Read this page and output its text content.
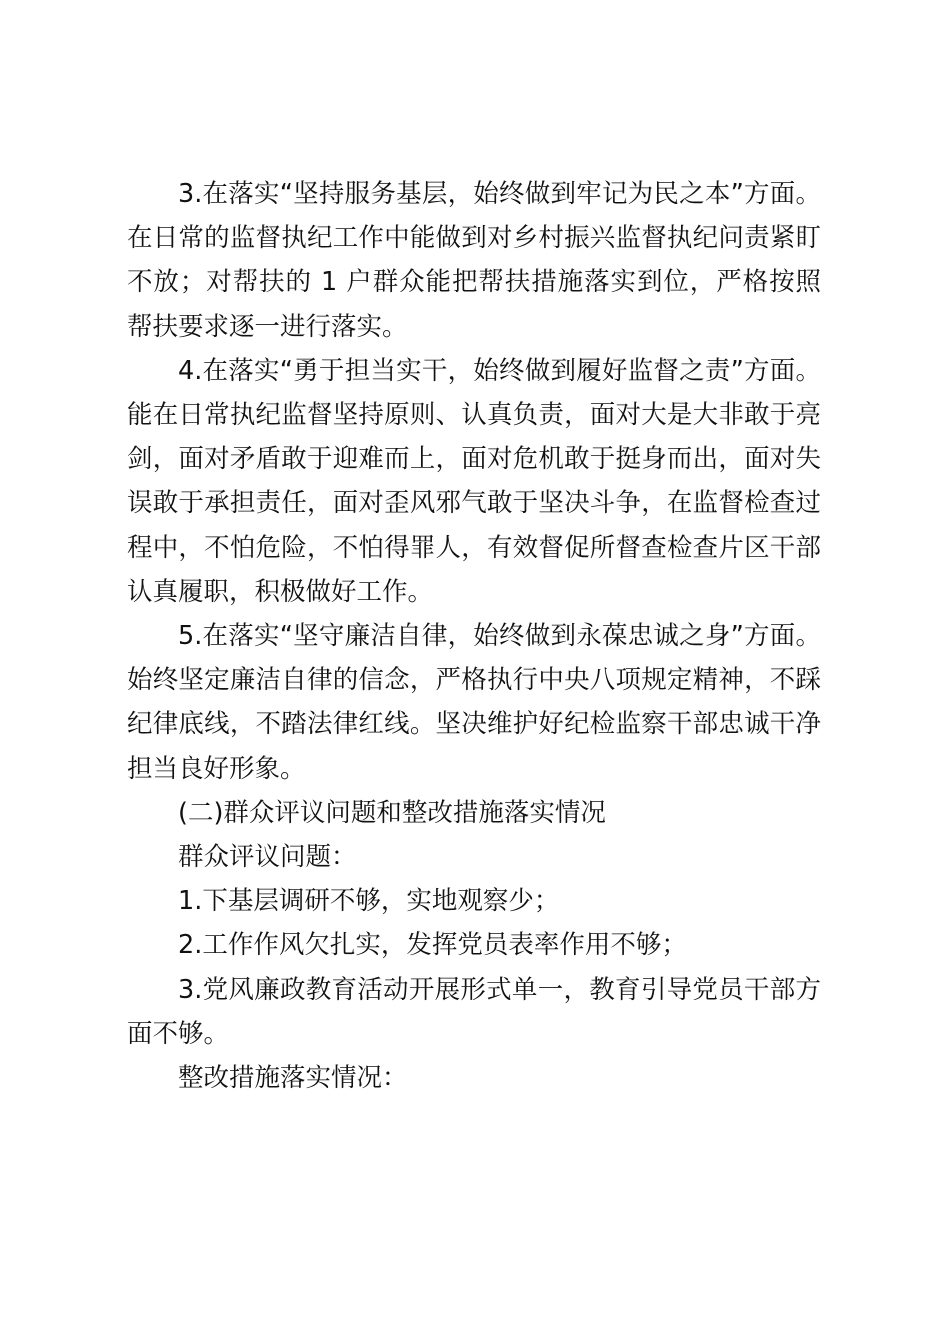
3.在落实“坚持服务基层，始终做到牢记为民之本”方面。在日常的监督执纪工作中能做到对乡村振兴监督执纪问责紧盯不放；对帮扶的 1 户群众能把帮扶措施落实到位，严格按照帮扶要求逐一进行落实。

4.在落实“勇于担当实干，始终做到履好监督之责”方面。能在日常执纪监督坚持原则、认真负责，面对大是大非敢于亮剑，面对矛盾敢于迎难而上，面对危机敢于挺身而出，面对失误敢于承担责任，面对歪风邪气敢于坚决斗争，在监督检查过程中，不怕危险，不怕得罪人，有效督促所督查检查片区干部认真履职，积极做好工作。

5.在落实“坚守廉洁自律，始终做到永葆忠诚之身”方面。始终坚定廉洁自律的信念，严格执行中央八项规定精神，不踩纪律底线，不踏法律红线。坚决维护好纪检监察干部忠诚干净担当良好形象。

(二)群众评议问题和整改措施落实情况

群众评议问题：

1.下基层调研不够，实地观察少；

2.工作作风欠扎实，发挥党员表率作用不够；

3.党风廉政教育活动开展形式单一，教育引导党员干部方面不够。

整改措施落实情况：
